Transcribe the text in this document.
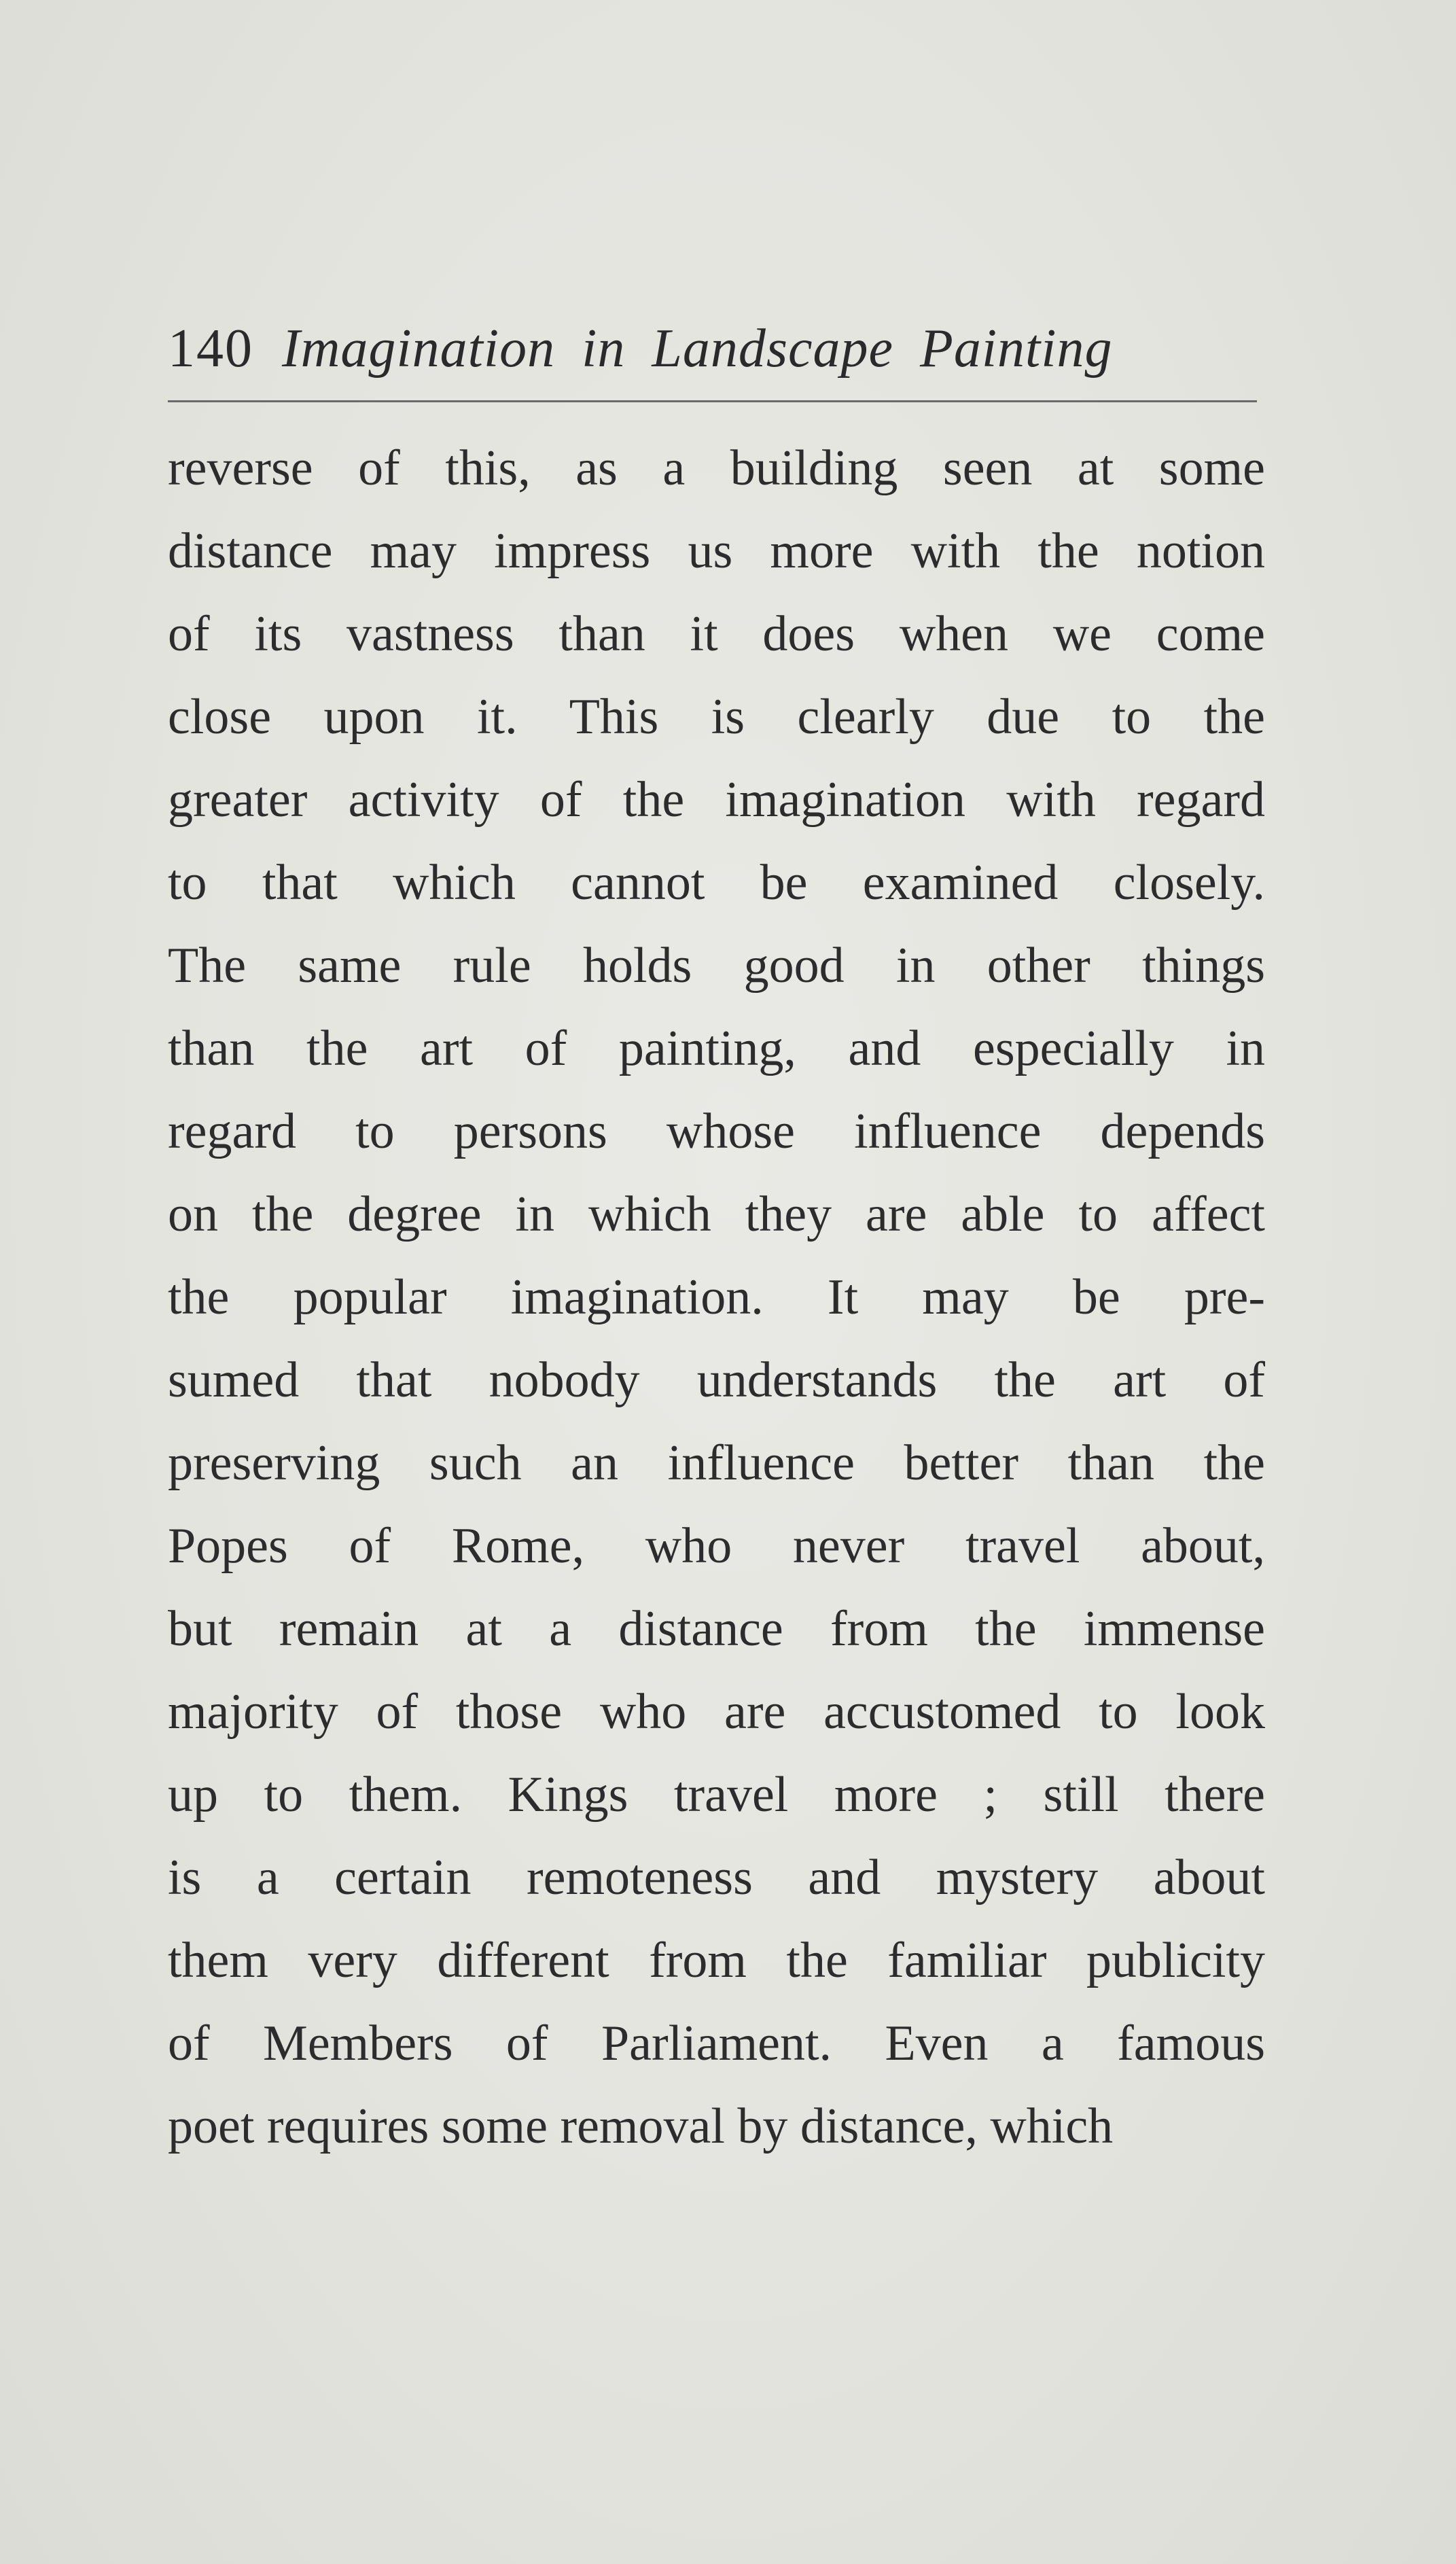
140 Imagination in Landscape Painting
reverse of this, as a building seen at some
distance may impress us more with the notion
of its vastness than it does when we come
close upon it. This is clearly due to the
greater activity of the imagination with regard
to that which cannot be examined closely.
The same rule holds good in other things
than the art of painting, and especially in
regard to persons whose influence depends
on the degree in which they are able to affect
the popular imagination. It may be pre-
sumed that nobody understands the art of
preserving such an influence better than the
Popes of Rome, who never travel about,
but remain at a distance from the immense
majority of those who are accustomed to look
up to them. Kings travel more ; still there
is a certain remoteness and mystery about
them very different from the familiar publicity
of Members of Parliament. Even a famous
poet requires some removal by distance, which
